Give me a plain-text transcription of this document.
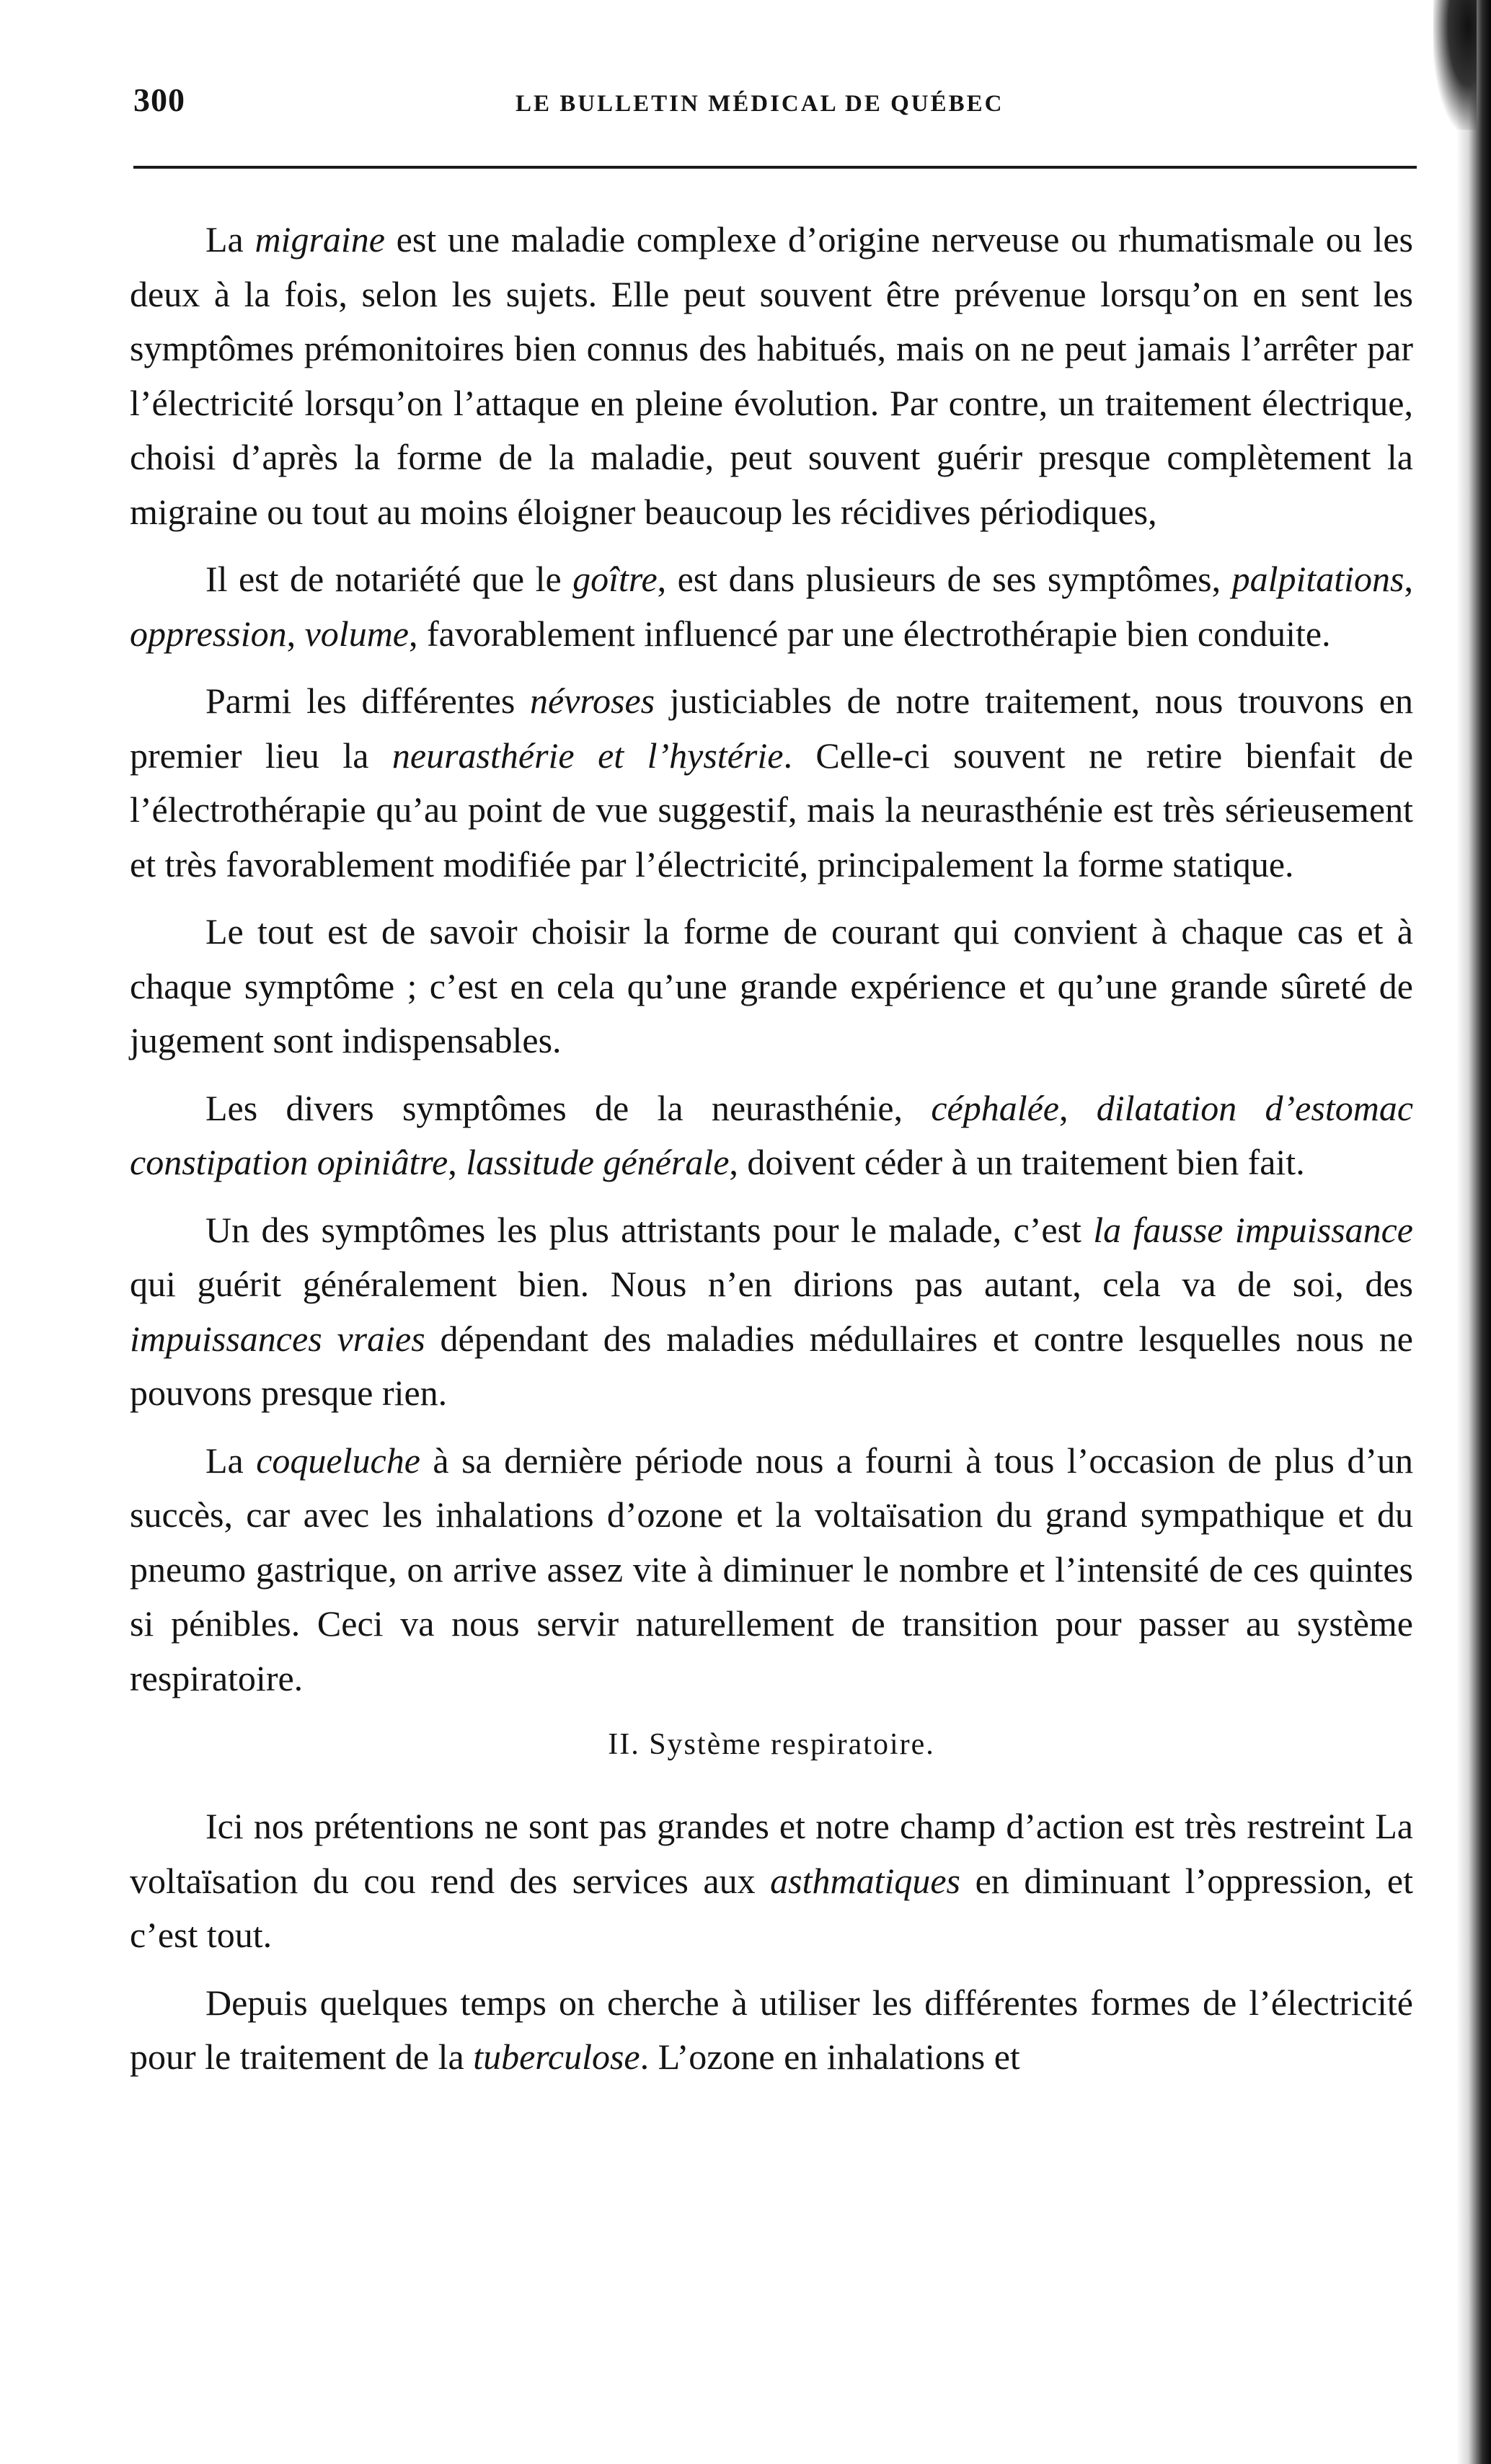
300	LE BULLETIN MÉDICAL DE QUÉBEC

La migraine est une maladie complexe d’origine nerveuse ou rhumatismale ou les deux à la fois, selon les sujets. Elle peut souvent être prévenue lorsqu’on en sent les symptômes prémonitoires bien connus des habitués, mais on ne peut jamais l’arrêter par l’électricité lorsqu’on l’attaque en pleine évolution. Par contre, un traitement électrique, choisi d’après la forme de la maladie, peut souvent guérir presque complètement la migraine ou tout au moins éloigner beaucoup les récidives périodiques,

Il est de notariété que le goître, est dans plusieurs de ses symptômes, palpitations, oppression, volume, favorablement influencé par une électrothérapie bien conduite.

Parmi les différentes névroses justiciables de notre traitement, nous trouvons en premier lieu la neurasthérie et l’hystérie. Celle-ci souvent ne retire bienfait de l’électrothérapie qu’au point de vue suggestif, mais la neurasthénie est très sérieusement et très favorablement modifiée par l’électricité, principalement la forme statique.

Le tout est de savoir choisir la forme de courant qui convient à chaque cas et à chaque symptôme ; c’est en cela qu’une grande expérience et qu’une grande sûreté de jugement sont indispensables.

Les divers symptômes de la neurasthénie, céphalée, dilatation d’estomac constipation opiniâtre, lassitude générale, doivent céder à un traitement bien fait.

Un des symptômes les plus attristants pour le malade, c’est la fausse impuissance qui guérit généralement bien. Nous n’en dirions pas autant, cela va de soi, des impuissances vraies dépendant des maladies médullaires et contre lesquelles nous ne pouvons presque rien.

La coqueluche à sa dernière période nous a fourni à tous l’occasion de plus d’un succès, car avec les inhalations d’ozone et la voltaïsation du grand sympathique et du pneumo gastrique, on arrive assez vite à diminuer le nombre et l’intensité de ces quintes si pénibles. Ceci va nous servir naturellement de transition pour passer au système respiratoire.

II. Système respiratoire.

Ici nos prétentions ne sont pas grandes et notre champ d’action est très restreint La voltaïsation du cou rend des services aux asthmatiques en diminuant l’oppression, et c’est tout.

Depuis quelques temps on cherche à utiliser les différentes formes de l’électricité pour le traitement de la tuberculose. L’ozone en inhalations et
